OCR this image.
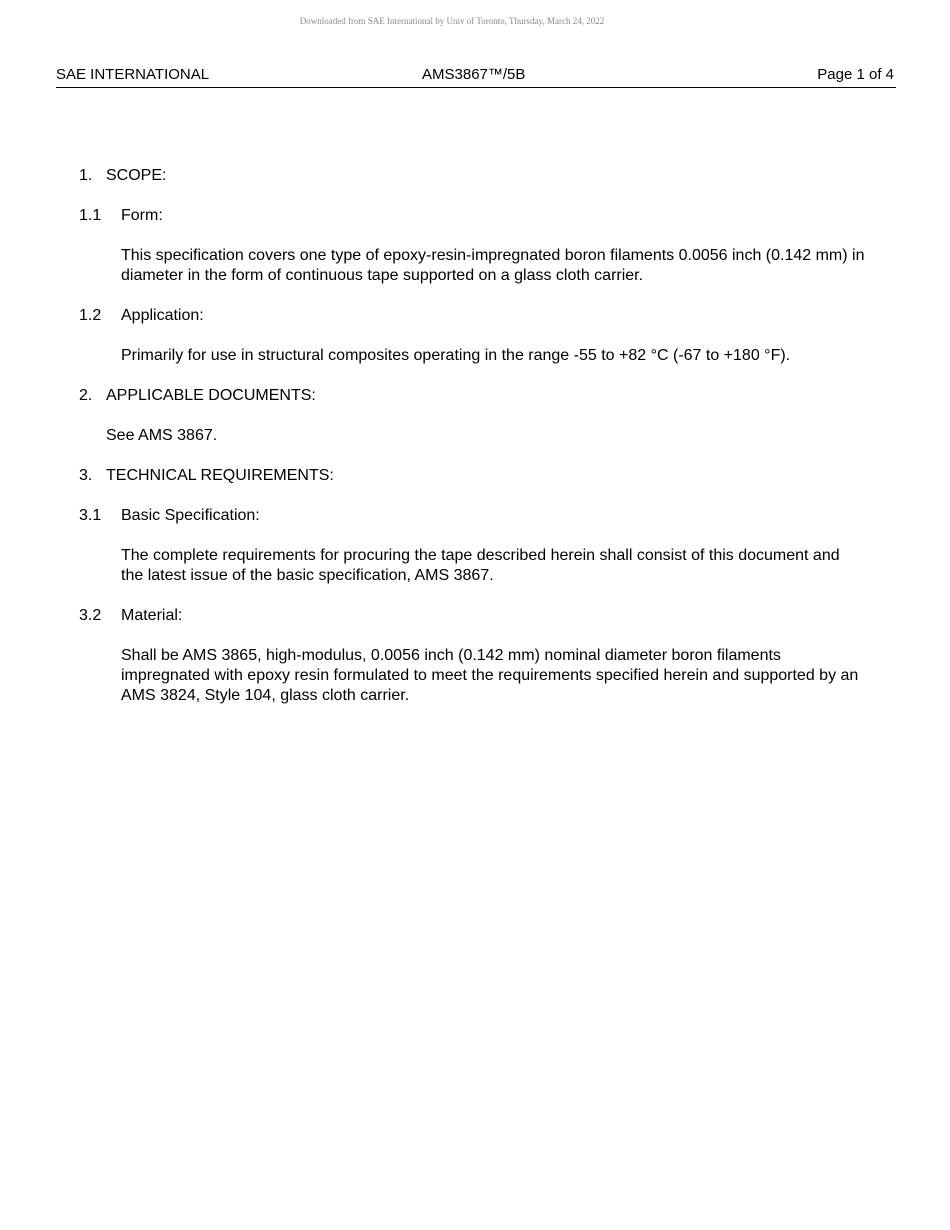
Downloaded from SAE International by Univ of Toronto, Thursday, March 24, 2022
SAE INTERNATIONAL	AMS3867™/5B	Page 1 of 4
1. SCOPE:
1.1 Form:

This specification covers one type of epoxy-resin-impregnated boron filaments 0.0056 inch (0.142 mm) in diameter in the form of continuous tape supported on a glass cloth carrier.

1.2 Application:

Primarily for use in structural composites operating in the range -55 to +82 °C (-67 to +180 °F).

2. APPLICABLE DOCUMENTS:

See AMS 3867.

3. TECHNICAL REQUIREMENTS:
3.1 Basic Specification:

The complete requirements for procuring the tape described herein shall consist of this document and the latest issue of the basic specification, AMS 3867.

3.2 Material:

Shall be AMS 3865, high-modulus, 0.0056 inch (0.142 mm) nominal diameter boron filaments impregnated with epoxy resin formulated to meet the requirements specified herein and supported by an AMS 3824, Style 104, glass cloth carrier.
